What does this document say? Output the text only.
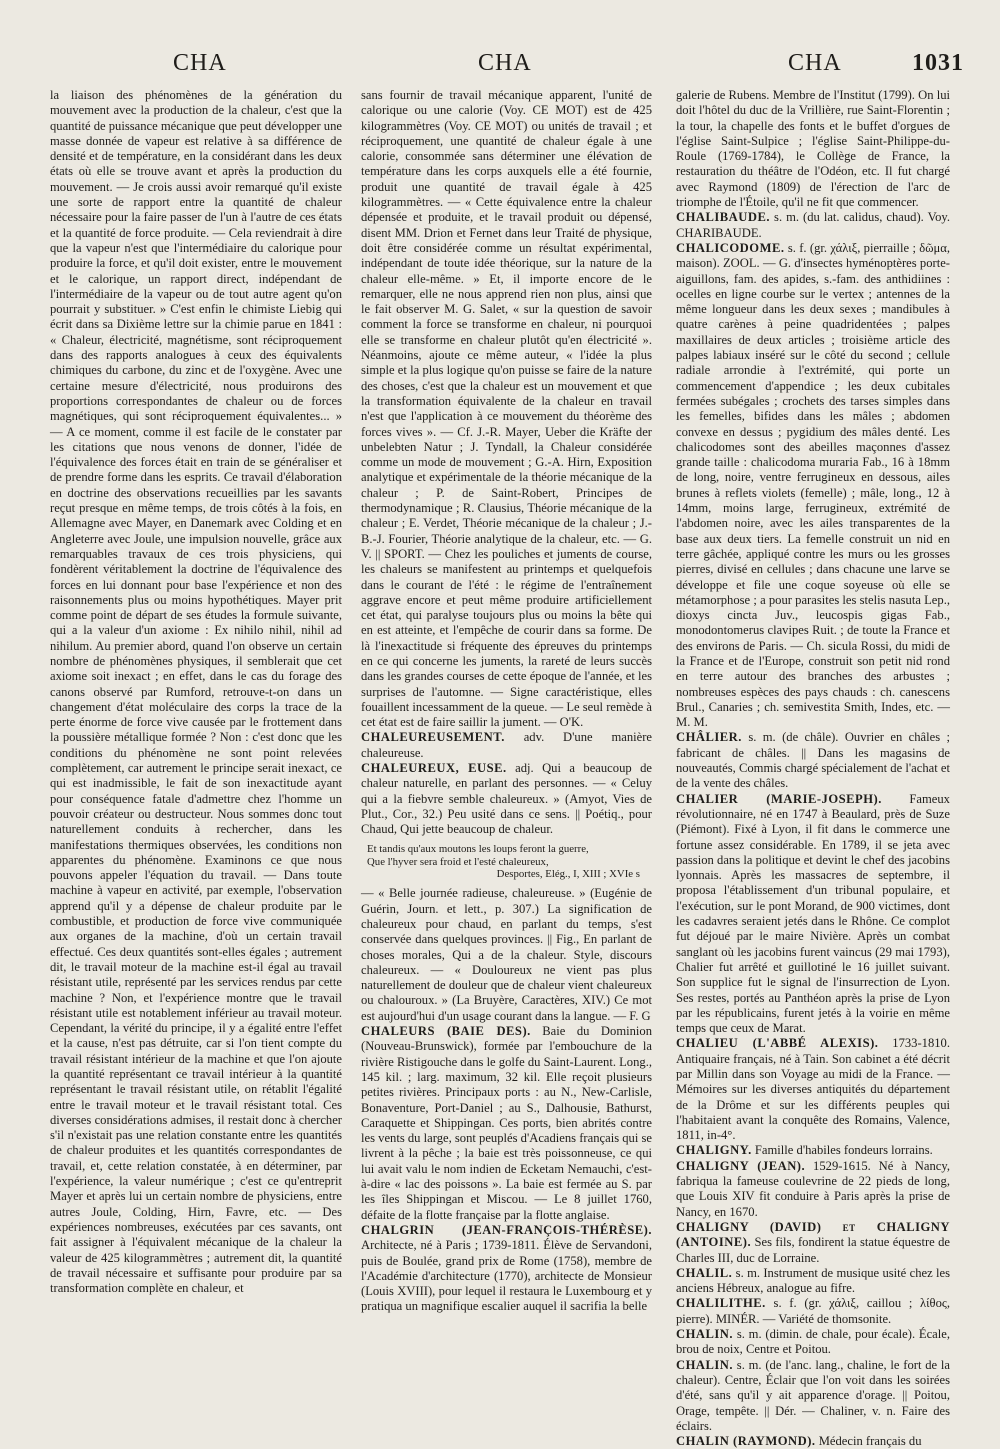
CHA	CHA	CHA	1031

la liaison des phénomènes de la génération du mouvement avec la production de la chaleur, c'est que la quantité de puissance mécanique que peut développer une masse donnée de vapeur est relative à sa différence de densité et de température, en la considérant dans les deux états où elle se trouve avant et après la production du mouvement. — Je crois aussi avoir remarqué qu'il existe une sorte de rapport entre la quantité de chaleur nécessaire pour la faire passer de l'un à l'autre de ces états et la quantité de force produite. — Cela reviendrait à dire que la vapeur n'est que l'intermédiaire du calorique pour produire la force, et qu'il doit exister, entre le mouvement et le calorique, un rapport direct, indépendant de l'intermédiaire de la vapeur ou de tout autre agent qu'on pourrait y substituer. » C'est enfin le chimiste Liebig qui écrit dans sa Dixième lettre sur la chimie parue en 1841 : « Chaleur, électricité, magnétisme, sont réciproquement dans des rapports analogues à ceux des équivalents chimiques du carbone, du zinc et de l'oxygène. Avec une certaine mesure d'électricité, nous produirons des proportions correspondantes de chaleur ou de forces magnétiques, qui sont réciproquement équivalentes... » — A ce moment, comme il est facile de le constater par les citations que nous venons de donner, l'idée de l'équivalence des forces était en train de se généraliser et de prendre forme dans les esprits. Ce travail d'élaboration en doctrine des observations recueillies par les savants reçut presque en même temps, de trois côtés à la fois, en Allemagne avec Mayer, en Danemark avec Colding et en Angleterre avec Joule, une impulsion nouvelle, grâce aux remarquables travaux de ces trois physiciens, qui fondèrent véritablement la doctrine de l'équivalence des forces en lui donnant pour base l'expérience et non des raisonnements plus ou moins hypothétiques. Mayer prit comme point de départ de ses études la formule suivante, qui a la valeur d'un axiome : Ex nihilo nihil, nihil ad nihilum. Au premier abord, quand l'on observe un certain nombre de phénomènes physiques, il semblerait que cet axiome soit inexact ; en effet, dans le cas du forage des canons observé par Rumford, retrouve-t-on dans un changement d'état moléculaire des corps la trace de la perte énorme de force vive causée par le frottement dans la poussière métallique formée ? Non : c'est donc que les conditions du phénomène ne sont point relevées complètement, car autrement le principe serait inexact, ce qui est inadmissible, le fait de son inexactitude ayant pour conséquence fatale d'admettre chez l'homme un pouvoir créateur ou destructeur. Nous sommes donc tout naturellement conduits à rechercher, dans les manifestations thermiques observées, les conditions non apparentes du phénomène. Examinons ce que nous pouvons appeler l'équation du travail. — Dans toute machine à vapeur en activité, par exemple, l'observation apprend qu'il y a dépense de chaleur produite par le combustible, et production de force vive communiquée aux organes de la machine, d'où un certain travail effectué. Ces deux quantités sont-elles égales ; autrement dit, le travail moteur de la machine est-il égal au travail résistant utile, représenté par les services rendus par cette machine ? Non, et l'expérience montre que le travail résistant utile est notablement inférieur au travail moteur. Cependant, la vérité du principe, il y a égalité entre l'effet et la cause, n'est pas détruite, car si l'on tient compte du travail résistant intérieur de la machine et que l'on ajoute la quantité représentant ce travail intérieur à la quantité représentant le travail résistant utile, on rétablit l'égalité entre le travail moteur et le travail résistant total. Ces diverses considérations admises, il restait donc à chercher s'il n'existait pas une relation constante entre les quantités de chaleur produites et les quantités correspondantes de travail, et, cette relation constatée, à en déterminer, par l'expérience, la valeur numérique ; c'est ce qu'entreprit Mayer et après lui un certain nombre de physiciens, entre autres Joule, Colding, Hirn, Favre, etc. — Des expériences nombreuses, exécutées par ces savants, ont fait assigner à l'équivalent mécanique de la chaleur la valeur de 425 kilogrammètres ; autrement dit, la quantité de travail nécessaire et suffisante pour produire par sa transformation complète en chaleur, et

sans fournir de travail mécanique apparent, l'unité de calorique ou une calorie (Voy. CE MOT) est de 425 kilogrammètres (Voy. CE MOT) ou unités de travail ; et réciproquement, une quantité de chaleur égale à une calorie, consommée sans déterminer une élévation de température dans les corps auxquels elle a été fournie, produit une quantité de travail égale à 425 kilogrammètres. — « Cette équivalence entre la chaleur dépensée et produite, et le travail produit ou dépensé, disent MM. Drion et Fernet dans leur Traité de physique, doit être considérée comme un résultat expérimental, indépendant de toute idée théorique, sur la nature de la chaleur elle-même. » Et, il importe encore de le remarquer, elle ne nous apprend rien non plus, ainsi que le fait observer M. G. Salet, « sur la question de savoir comment la force se transforme en chaleur, ni pourquoi elle se transforme en chaleur plutôt qu'en électricité ». Néanmoins, ajoute ce même auteur, « l'idée la plus simple et la plus logique qu'on puisse se faire de la nature des choses, c'est que la chaleur est un mouvement et que la transformation équivalente de la chaleur en travail n'est que l'application à ce mouvement du théorème des forces vives ». — Cf. J.-R. Mayer, Ueber die Kräfte der unbelebten Natur ; J. Tyndall, la Chaleur considérée comme un mode de mouvement ; G.-A. Hirn, Exposition analytique et expérimentale de la théorie mécanique de la chaleur ; P. de Saint-Robert, Principes de thermodynamique ; R. Clausius, Théorie mécanique de la chaleur ; E. Verdet, Théorie mécanique de la chaleur ; J.-B.-J. Fourier, Théorie analytique de la chaleur, etc. — G. V. || SPORT. — Chez les pouliches et juments de course, les chaleurs se manifestent au printemps et quelquefois dans le courant de l'été : le régime de l'entraînement aggrave encore et peut même produire artificiellement cet état, qui paralyse toujours plus ou moins la bête qui en est atteinte, et l'empêche de courir dans sa forme. De là l'inexactitude si fréquente des épreuves du printemps en ce qui concerne les juments, la rareté de leurs succès dans les grandes courses de cette époque de l'année, et les surprises de l'automne. — Signe caractéristique, elles fouaillent incessamment de la queue. — Le seul remède à cet état est de faire saillir la jument. — O'K.

CHALEUREUSEMENT. adv. D'une manière chaleureuse.

CHALEUREUX, EUSE. adj. Qui a beaucoup de chaleur naturelle, en parlant des personnes. — « Celuy qui a la fiebvre semble chaleureux. » (Amyot, Vies de Plut., Cor., 32.) Peu usité dans ce sens. || Poétiq., pour Chaud, Qui jette beaucoup de chaleur.

Et tandis qu'aux moutons les loups feront la guerre,
Que l'hyver sera froid et l'esté chaleureux,
Desportes, Elég., I, XIII ; XVIe s

— « Belle journée radieuse, chaleureuse. » (Eugénie de Guérin, Journ. et lett., p. 307.) La signification de chaleureux pour chaud, en parlant du temps, s'est conservée dans quelques provinces. || Fig., En parlant de choses morales, Qui a de la chaleur. Style, discours chaleureux. — « Douloureux ne vient pas plus naturellement de douleur que de chaleur vient chaleureux ou chalouroux. » (La Bruyère, Caractères, XIV.) Ce mot est aujourd'hui d'un usage courant dans la langue. — F. G

CHALEURS (BAIE DES). Baie du Dominion (Nouveau-Brunswick), formée par l'embouchure de la rivière Ristigouche dans le golfe du Saint-Laurent. Long., 145 kil. ; larg. maximum, 32 kil. Elle reçoit plusieurs petites rivières. Principaux ports : au N., New-Carlisle, Bonaventure, Port-Daniel ; au S., Dalhousie, Bathurst, Caraquette et Shippingan. Ces ports, bien abrités contre les vents du large, sont peuplés d'Acadiens français qui se livrent à la pêche ; la baie est très poissonneuse, ce qui lui avait valu le nom indien de Ecketam Nemauchi, c'est-à-dire « lac des poissons ». La baie est fermée au S. par les îles Shippingan et Miscou. — Le 8 juillet 1760, défaite de la flotte française par la flotte anglaise.

CHALGRIN (JEAN-FRANÇOIS-THÉRÈSE). Architecte, né à Paris ; 1739-1811. Élève de Servandoni, puis de Boulée, grand prix de Rome (1758), membre de l'Académie d'architecture (1770), architecte de Monsieur (Louis XVIII), pour lequel il restaura le Luxembourg et y pratiqua un magnifique escalier auquel il sacrifia la belle

galerie de Rubens. Membre de l'Institut (1799). On lui doit l'hôtel du duc de la Vrillière, rue Saint-Florentin ; la tour, la chapelle des fonts et le buffet d'orgues de l'église Saint-Sulpice ; l'église Saint-Philippe-du-Roule (1769-1784), le Collège de France, la restauration du théâtre de l'Odéon, etc. Il fut chargé avec Raymond (1809) de l'érection de l'arc de triomphe de l'Étoile, qu'il ne fit que commencer.

CHALIBAUDE. s. m. (du lat. calidus, chaud). Voy. CHARIBAUDE.

CHALICODOME. s. f. (gr. χάλιξ, pierraille ; δῶμα, maison). ZOOL. — G. d'insectes hyménoptères porte-aiguillons, fam. des apides, s.-fam. des anthidiines : ocelles en ligne courbe sur le vertex ; antennes de la même longueur dans les deux sexes ; mandibules à quatre carènes à peine quadridentées ; palpes maxillaires de deux articles ; troisième article des palpes labiaux inséré sur le côté du second ; cellule radiale arrondie à l'extrémité, qui porte un commencement d'appendice ; les deux cubitales fermées subégales ; crochets des tarses simples dans les femelles, bifides dans les mâles ; abdomen convexe en dessus ; pygidium des mâles denté. Les chalicodomes sont des abeilles maçonnes d'assez grande taille : chalicodoma muraria Fab., 16 à 18mm de long, noire, ventre ferrugineux en dessous, ailes brunes à reflets violets (femelle) ; mâle, long., 12 à 14mm, moins large, ferrugineux, extrémité de l'abdomen noire, avec les ailes transparentes de la base aux deux tiers. La femelle construit un nid en terre gâchée, appliqué contre les murs ou les grosses pierres, divisé en cellules ; dans chacune une larve se développe et file une coque soyeuse où elle se métamorphose ; a pour parasites les stelis nasuta Lep., dioxys cincta Juv., leucospis gigas Fab., monodontomerus clavipes Ruit. ; de toute la France et des environs de Paris. — Ch. sicula Rossi, du midi de la France et de l'Europe, construit son petit nid rond en terre autour des branches des arbustes ; nombreuses espèces des pays chauds : ch. canescens Brul., Canaries ; ch. semivestita Smith, Indes, etc. — M. M.

CHÂLIER. s. m. (de châle). Ouvrier en châles ; fabricant de châles. || Dans les magasins de nouveautés, Commis chargé spécialement de l'achat et de la vente des châles.

CHALIER (MARIE-JOSEPH). Fameux révolutionnaire, né en 1747 à Beaulard, près de Suze (Piémont). Fixé à Lyon, il fit dans le commerce une fortune assez considérable. En 1789, il se jeta avec passion dans la politique et devint le chef des jacobins lyonnais. Après les massacres de septembre, il proposa l'établissement d'un tribunal populaire, et l'exécution, sur le pont Morand, de 900 victimes, dont les cadavres seraient jetés dans le Rhône. Ce complot fut déjoué par le maire Nivière. Après un combat sanglant où les jacobins furent vaincus (29 mai 1793), Chalier fut arrêté et guillotiné le 16 juillet suivant. Son supplice fut le signal de l'insurrection de Lyon. Ses restes, portés au Panthéon après la prise de Lyon par les républicains, furent jetés à la voirie en même temps que ceux de Marat.

CHALIEU (L'ABBÉ ALEXIS). 1733-1810. Antiquaire français, né à Tain. Son cabinet a été décrit par Millin dans son Voyage au midi de la France. — Mémoires sur les diverses antiquités du département de la Drôme et sur les différents peuples qui l'habitaient avant la conquête des Romains, Valence, 1811, in-4°.

CHALIGNY. Famille d'habiles fondeurs lorrains.

CHALIGNY (JEAN). 1529-1615. Né à Nancy, fabriqua la fameuse coulevrine de 22 pieds de long, que Louis XIV fit conduire à Paris après la prise de Nancy, en 1670.

CHALIGNY (DAVID) et CHALIGNY (ANTOINE). Ses fils, fondirent la statue équestre de Charles III, duc de Lorraine.

CHALIL. s. m. Instrument de musique usité chez les anciens Hébreux, analogue au fifre.

CHALILITHE. s. f. (gr. χάλιξ, caillou ; λίθος, pierre). MINÉR. — Variété de thomsonite.

CHALIN. s. m. (dimin. de chale, pour écale). Écale, brou de noix, Centre et Poitou.

CHALIN. s. m. (de l'anc. lang., chaline, le fort de la chaleur). Centre, Éclair que l'on voit dans les soirées d'été, sans qu'il y ait apparence d'orage. || Poitou, Orage, tempête. || Dér. — Chaliner, v. n. Faire des éclairs.

CHALIN (RAYMOND). Médecin français du
